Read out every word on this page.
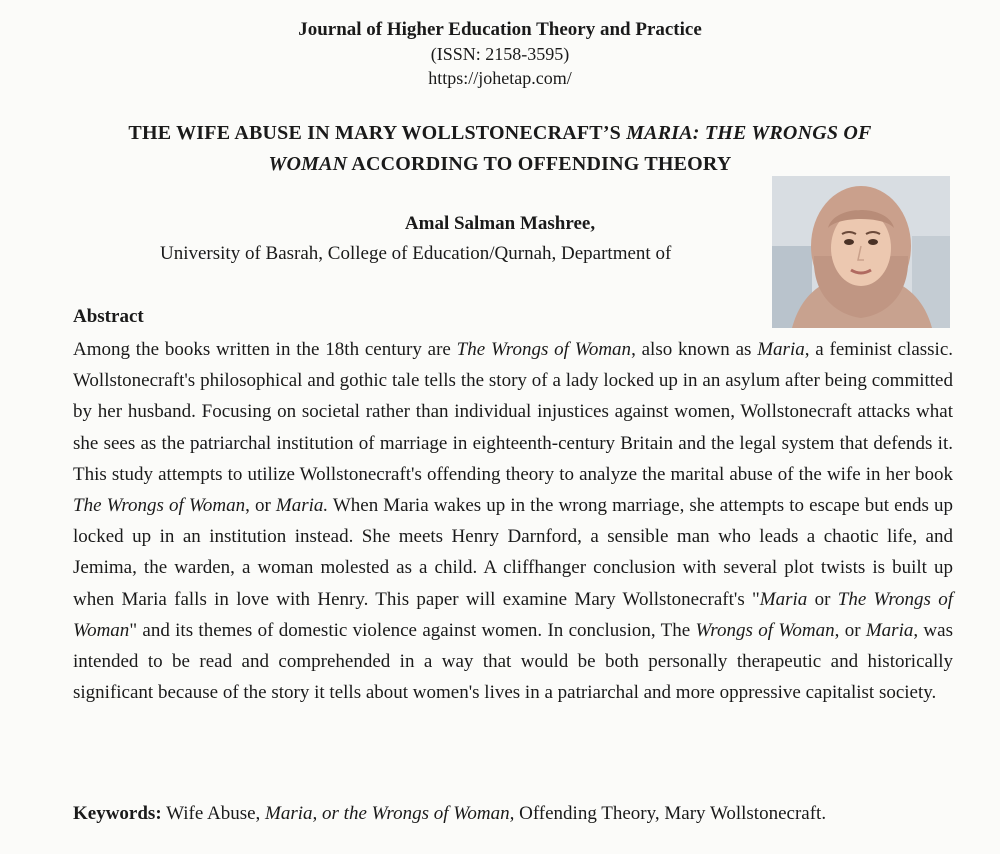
Journal of Higher Education Theory and Practice
(ISSN: 2158-3595)
https://johetap.com/
THE WIFE ABUSE IN MARY WOLLSTONECRAFT’S MARIA: THE WRONGS OF
WOMAN ACCORDING TO OFFENDING THEORY
Amal Salman Mashree,
University of Basrah, College of Education/Qurnah, Department of
Abstract
Among the books written in the 18th century are The Wrongs of Woman, also known as Maria, a feminist classic. Wollstonecraft's philosophical and gothic tale tells the story of a lady locked up in an asylum after being committed by her husband. Focusing on societal rather than individual injustices against women, Wollstonecraft attacks what she sees as the patriarchal institution of marriage in eighteenth-century Britain and the legal system that defends it. This study attempts to utilize Wollstonecraft's offending theory to analyze the marital abuse of the wife in her book The Wrongs of Woman, or Maria. When Maria wakes up in the wrong marriage, she attempts to escape but ends up locked up in an institution instead. She meets Henry Darnford, a sensible man who leads a chaotic life, and Jemima, the warden, a woman molested as a child. A cliffhanger conclusion with several plot twists is built up when Maria falls in love with Henry. This paper will examine Mary Wollstonecraft's "Maria or The Wrongs of Woman" and its themes of domestic violence against women. In conclusion, The Wrongs of Woman, or Maria, was intended to be read and comprehended in a way that would be both personally therapeutic and historically significant because of the story it tells about women's lives in a patriarchal and more oppressive capitalist society.
Keywords: Wife Abuse, Maria, or the Wrongs of Woman, Offending Theory, Mary Wollstonecraft.
